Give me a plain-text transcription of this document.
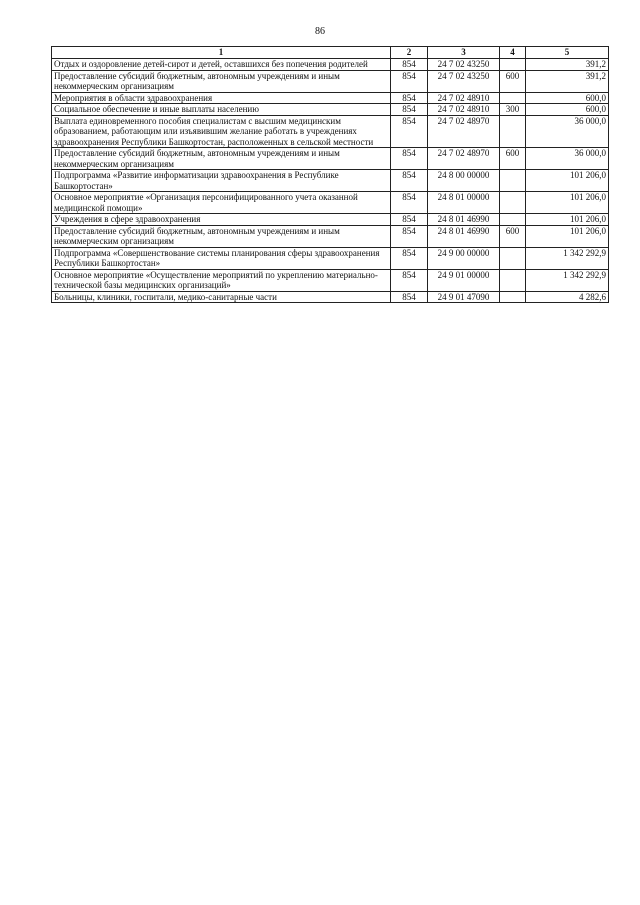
86
1	2	3	4	5
Отдых и оздоровление детей-сирот и детей, оставшихся без попечения родителей	854	24 7 02 43250		391,2
Предоставление субсидий бюджетным, автономным учреждениям и иным некоммерческим организациям	854	24 7 02 43250	600	391,2
Мероприятия в области здравоохранения	854	24 7 02 48910		600,0
Социальное обеспечение и иные выплаты населению	854	24 7 02 48910	300	600,0
Выплата единовременного пособия специалистам с высшим медицинским образованием, работающим или изъявившим желание работать в учреждениях здравоохранения Республики Башкортостан, расположенных в сельской местности	854	24 7 02 48970		36 000,0
Предоставление субсидий бюджетным, автономным учреждениям и иным некоммерческим организациям	854	24 7 02 48970	600	36 000,0
Подпрограмма «Развитие информатизации здравоохранения в Республике Башкортостан»	854	24 8 00 00000		101 206,0
Основное мероприятие «Организация персонифицированного учета оказанной медицинской помощи»	854	24 8 01 00000		101 206,0
Учреждения в сфере здравоохранения	854	24 8 01 46990		101 206,0
Предоставление субсидий бюджетным, автономным учреждениям и иным некоммерческим организациям	854	24 8 01 46990	600	101 206,0
Подпрограмма «Совершенствование системы планирования сферы здравоохранения Республики Башкортостан»	854	24 9 00 00000		1 342 292,9
Основное мероприятие «Осуществление мероприятий по укреплению материально-технической базы медицинских организаций»	854	24 9 01 00000		1 342 292,9
Больницы, клиники, госпитали, медико-санитарные части	854	24 9 01 47090		4 282,6
